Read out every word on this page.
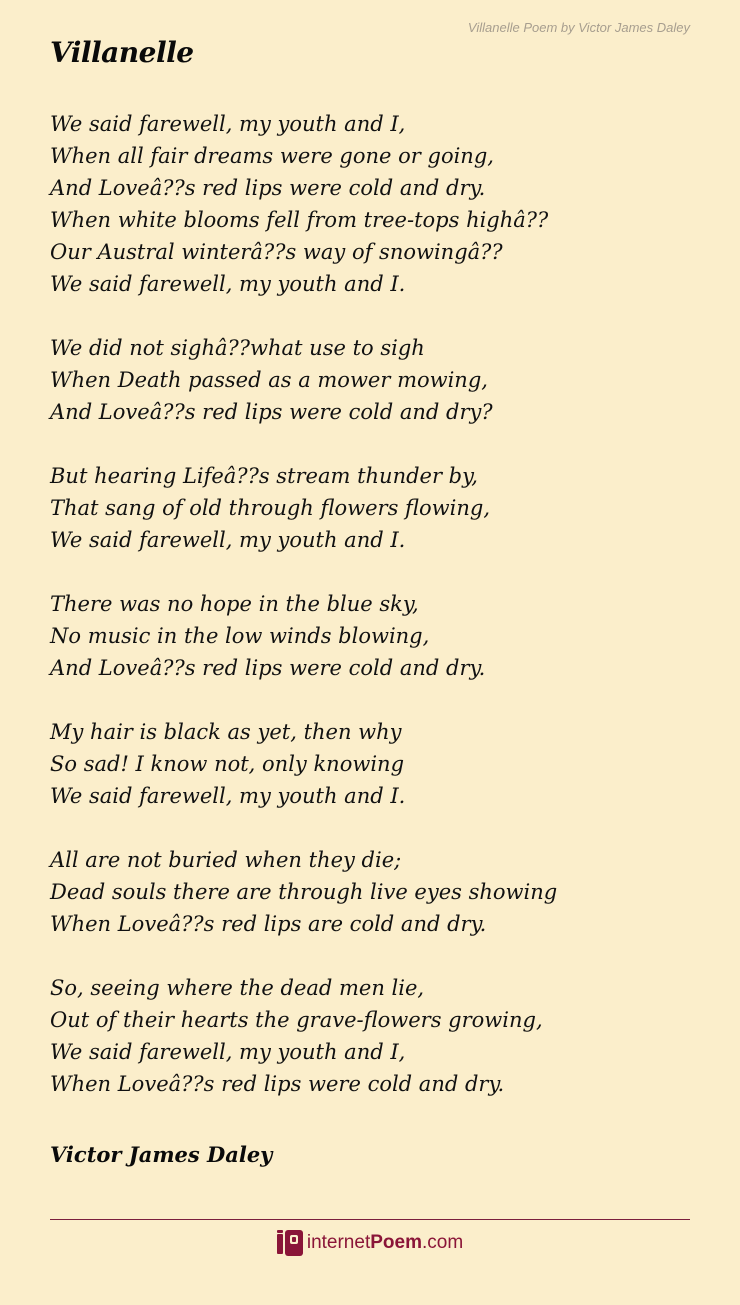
Villanelle Poem by Victor James Daley
Villanelle
We said farewell, my youth and I,
When all fair dreams were gone or going,
And Loveâ??s red lips were cold and dry.
When white blooms fell from tree-tops highâ??
Our Austral winterâ??s way of snowingâ??
We said farewell, my youth and I.
We did not sighâ??what use to sigh
When Death passed as a mower mowing,
And Loveâ??s red lips were cold and dry?
But hearing Lifeâ??s stream thunder by,
That sang of old through flowers flowing,
We said farewell, my youth and I.
There was no hope in the blue sky,
No music in the low winds blowing,
And Loveâ??s red lips were cold and dry.
My hair is black as yet, then why
So sad! I know not, only knowing
We said farewell, my youth and I.
All are not buried when they die;
Dead souls there are through live eyes showing
When Loveâ??s red lips are cold and dry.
So, seeing where the dead men lie,
Out of their hearts the grave-flowers growing,
We said farewell, my youth and I,
When Loveâ??s red lips were cold and dry.
Victor James Daley
internet Poem .com
